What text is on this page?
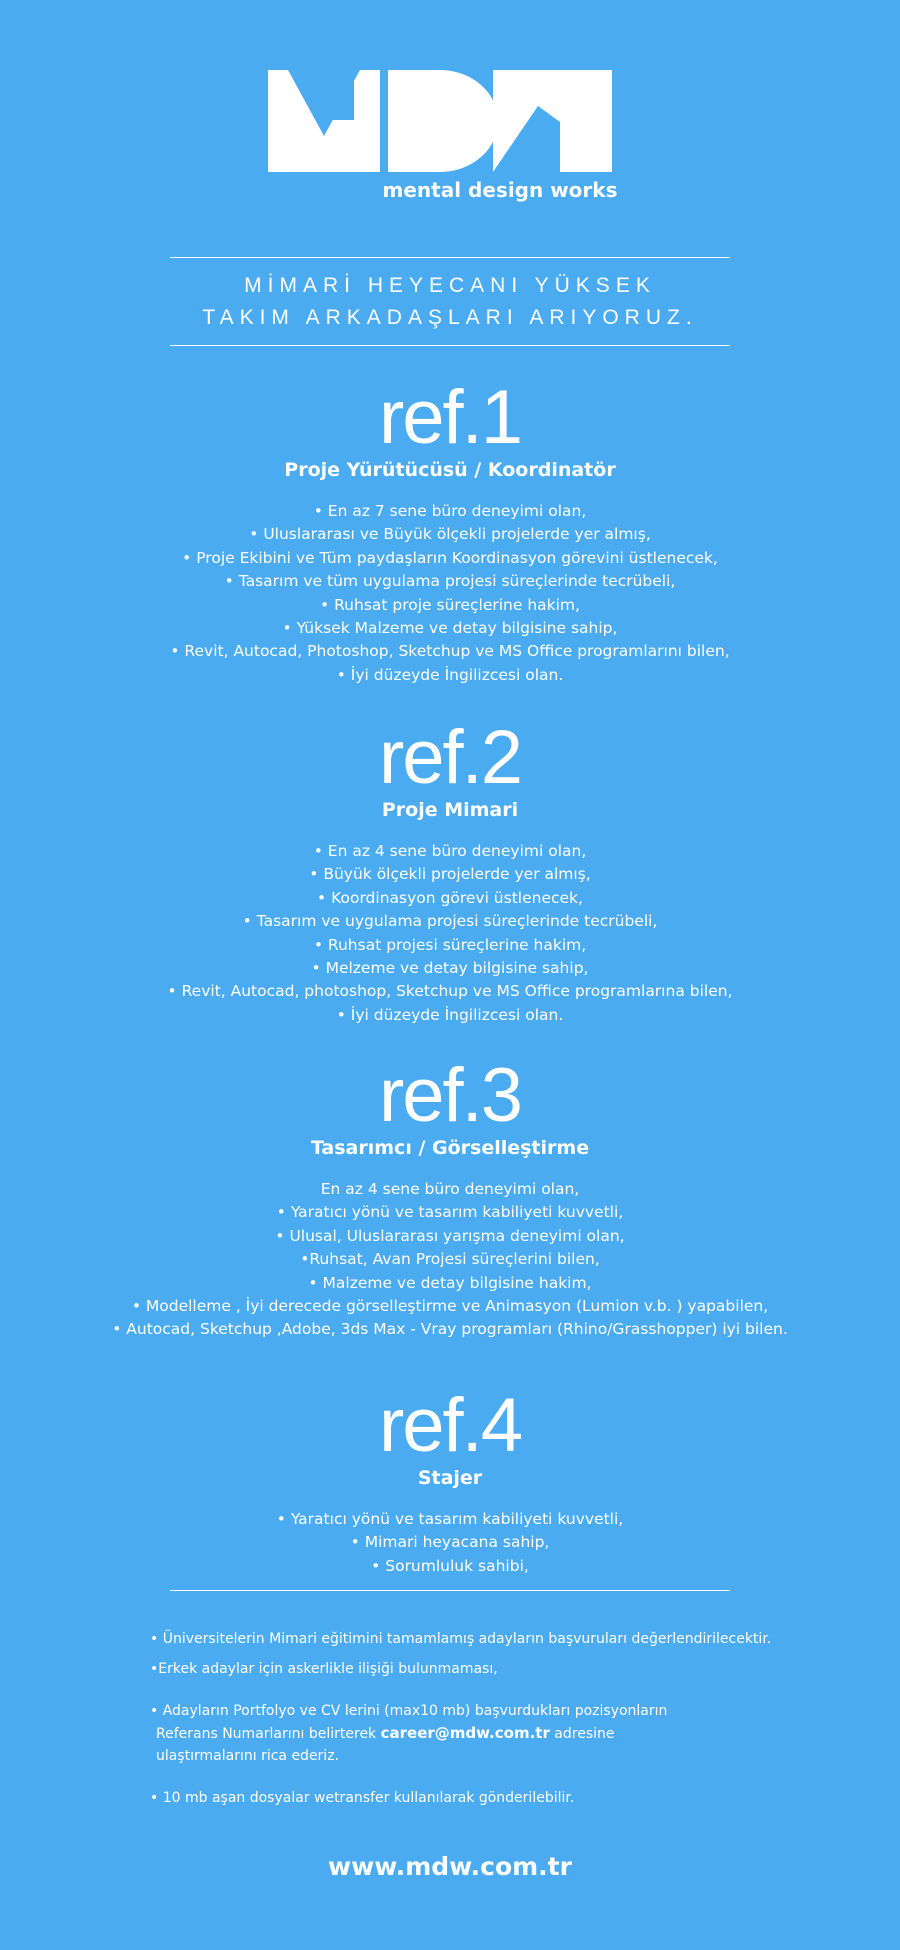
mental design works
MİMARİ HEYECANI YÜKSEK
TAKIM ARKADAŞLARI ARIYORUZ.
ref.1
Proje Yürütücüsü / Koordinatör
• En az 7 sene büro deneyimi olan,
• Uluslararası ve Büyük ölçekli projelerde yer almış,
• Proje Ekibini ve Tüm paydaşların Koordinasyon görevini üstlenecek,
• Tasarım ve tüm uygulama projesi süreçlerinde tecrübeli,
• Ruhsat proje süreçlerine hakim,
• Yüksek Malzeme ve detay bilgisine sahip,
• Revit, Autocad, Photoshop, Sketchup ve MS Office programlarını bilen,
• İyi düzeyde İngilizcesi olan.
ref.2
Proje Mimari
• En az 4 sene büro deneyimi olan,
• Büyük ölçekli projelerde yer almış,
• Koordinasyon görevi üstlenecek,
• Tasarım ve uygulama projesi süreçlerinde tecrübeli,
• Ruhsat projesi süreçlerine hakim,
• Melzeme ve detay bilgisine sahip,
• Revit, Autocad, photoshop, Sketchup ve MS Office programlarına bilen,
• İyi düzeyde İngilizcesi olan.
ref.3
Tasarımcı / Görselleştirme
En az 4 sene büro deneyimi olan,
• Yaratıcı yönü ve tasarım kabiliyeti kuvvetli,
• Ulusal, Uluslararası yarışma deneyimi olan,
•Ruhsat, Avan Projesi süreçlerini bilen,
• Malzeme ve detay bilgisine hakim,
• Modelleme , İyi derecede görselleştirme ve Animasyon (Lumion v.b. ) yapabilen,
• Autocad, Sketchup ,Adobe, 3ds Max - Vray programları (Rhino/Grasshopper) iyi bilen.
ref.4
Stajer
• Yaratıcı yönü ve tasarım kabiliyeti kuvvetli,
• Mimari heyacana sahip,
• Sorumluluk sahibi,

• Üniversitelerin Mimari eğitimini tamamlamış adayların başvuruları değerlendirilecektir.

•Erkek adaylar için askerlikle ilişiği bulunmaması,

• Adayların Portfolyo ve CV lerini (max10 mb) başvurdukları pozisyonların

Referans Numarlarını belirterek career@mdw.com.tr adresine

ulaştırmalarını rica ederiz.

• 10 mb aşan dosyalar wetransfer kullanılarak gönderilebilir.

www.mdw.com.tr
